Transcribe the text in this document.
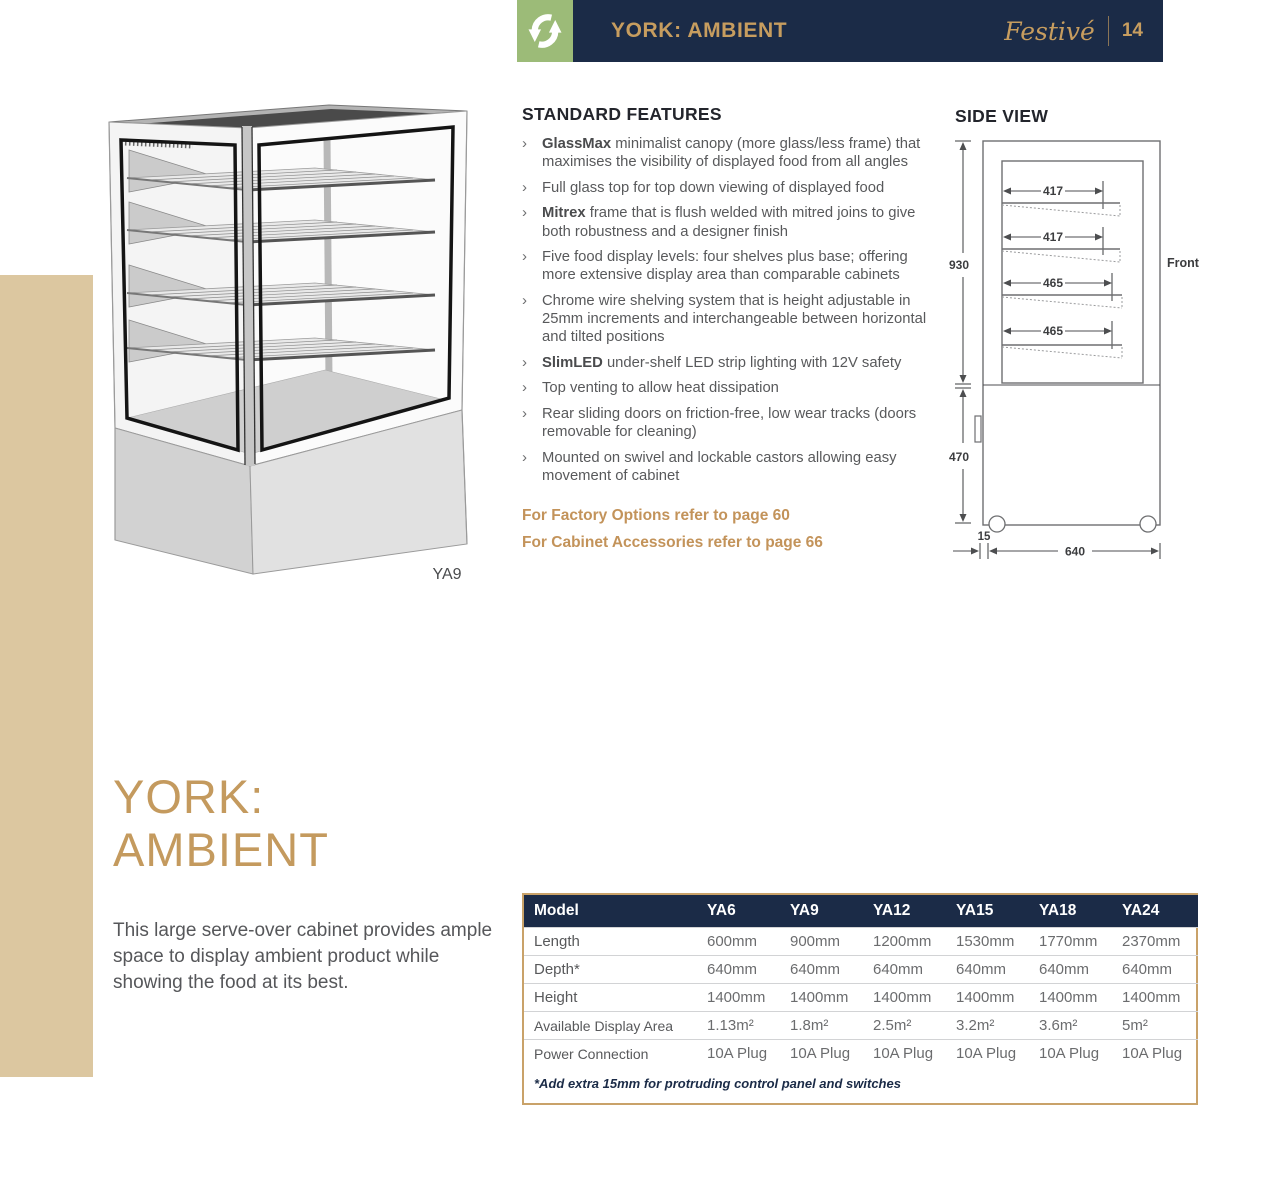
YORK: AMBIENT	Festivé 14
YA9
STANDARD FEATURES
›	GlassMax minimalist canopy (more glass/less frame) that maximises the visibility of displayed food from all angles
›	Full glass top for top down viewing of displayed food
›	Mitrex frame that is flush welded with mitred joins to give both robustness and a designer finish
›	Five food display levels: four shelves plus base; offering more extensive display area than comparable cabinets
›	Chrome wire shelving system that is height adjustable in 25mm increments and interchangeable between horizontal and tilted positions
›	SlimLED under-shelf LED strip lighting with 12V safety
›	Top venting to allow heat dissipation
›	Rear sliding doors on friction-free, low wear tracks (doors removable for cleaning)
›	Mounted on swivel and lockable castors allowing easy movement of cabinet
For Factory Options refer to page 60
For Cabinet Accessories refer to page 66
SIDE VIEW
417
417
465
465
930
470
Front
15
640
YORK:
AMBIENT

This large serve-over cabinet provides ample space to display ambient product while showing the food at its best.

Model	YA6	YA9	YA12	YA15	YA18	YA24
Length	600mm	900mm	1200mm	1530mm	1770mm	2370mm
Depth*	640mm	640mm	640mm	640mm	640mm	640mm
Height	1400mm	1400mm	1400mm	1400mm	1400mm	1400mm
Available Display Area	1.13m²	1.8m²	2.5m²	3.2m²	3.6m²	5m²
Power Connection	10A Plug	10A Plug	10A Plug	10A Plug	10A Plug	10A Plug
*Add extra 15mm for protruding control panel and switches
